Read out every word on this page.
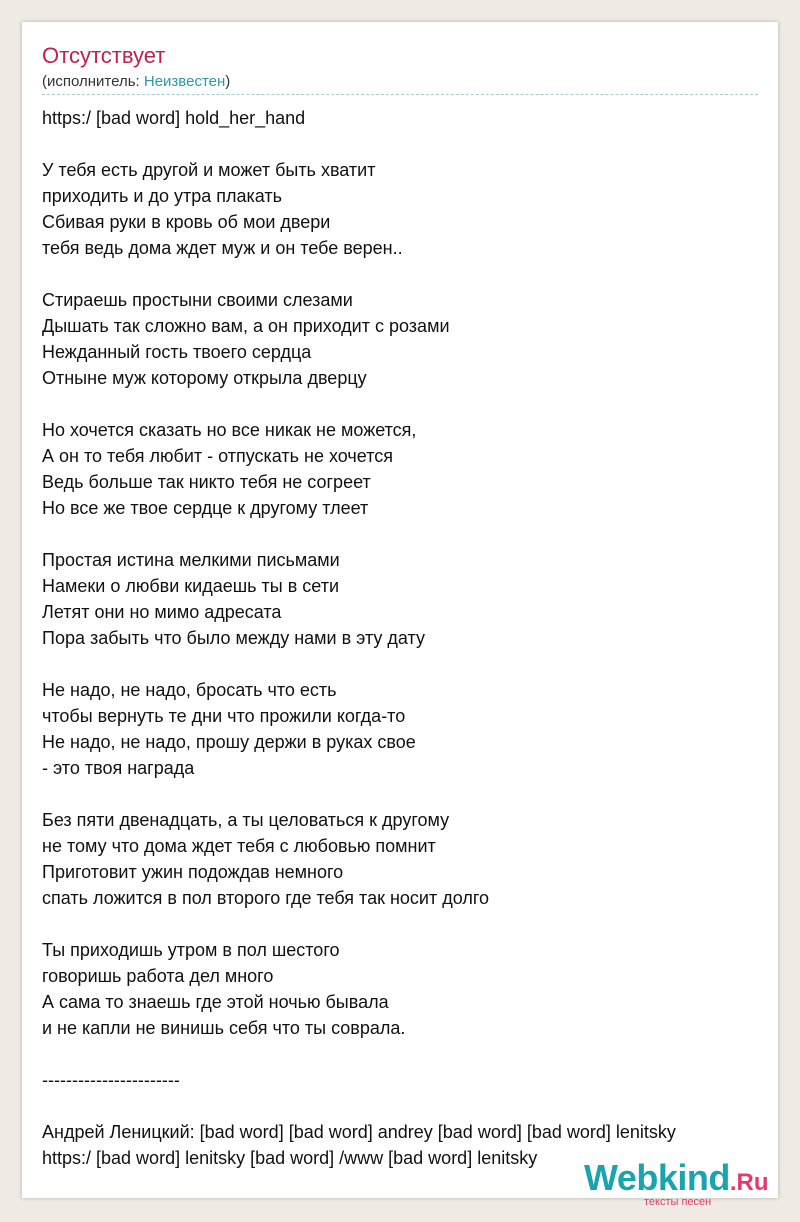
Отсутствует
(исполнитель: Неизвестен)
https:/ [bad word] hold_her_hand
У тебя есть другой и может быть хватит
приходить и до утра плакать
Сбивая руки в кровь об мои двери
тебя ведь дома ждет муж и он тебе верен..
Стираешь простыни своими слезами
Дышать так сложно вам, а он приходит с розами
Нежданный гость твоего сердца
Отныне муж которому открыла дверцу
Но хочется сказать но все никак не можется,
А он то тебя любит - отпускать не хочется
Ведь больше так никто тебя не согреет
Но все же твое сердце к другому тлеет
Простая истина мелкими письмами
Намеки о любви кидаешь ты в сети
Летят они но мимо адресата
Пора забыть что было между нами в эту дату
Не надо, не надо, бросать что есть
чтобы вернуть те дни что прожили когда-то
Не надо, не надо, прошу держи в руках свое
- это твоя награда
Без пяти двенадцать, а ты целоваться к другому
не тому что дома ждет тебя с любовью помнит
Приготовит ужин подождав немного
спать ложится в пол второго где тебя так носит долго
Ты приходишь утром в пол шестого
говоришь работа дел много
А сама то знаешь где этой ночью бывала
и не капли не винишь себя что ты соврала.
-----------------------
Андрей Леницкий: [bad word] [bad word] andrey [bad word] [bad word] lenitsky
https:/ [bad word] lenitsky [bad word] /www [bad word] lenitsky	Webkind.Ru
тексты песен
